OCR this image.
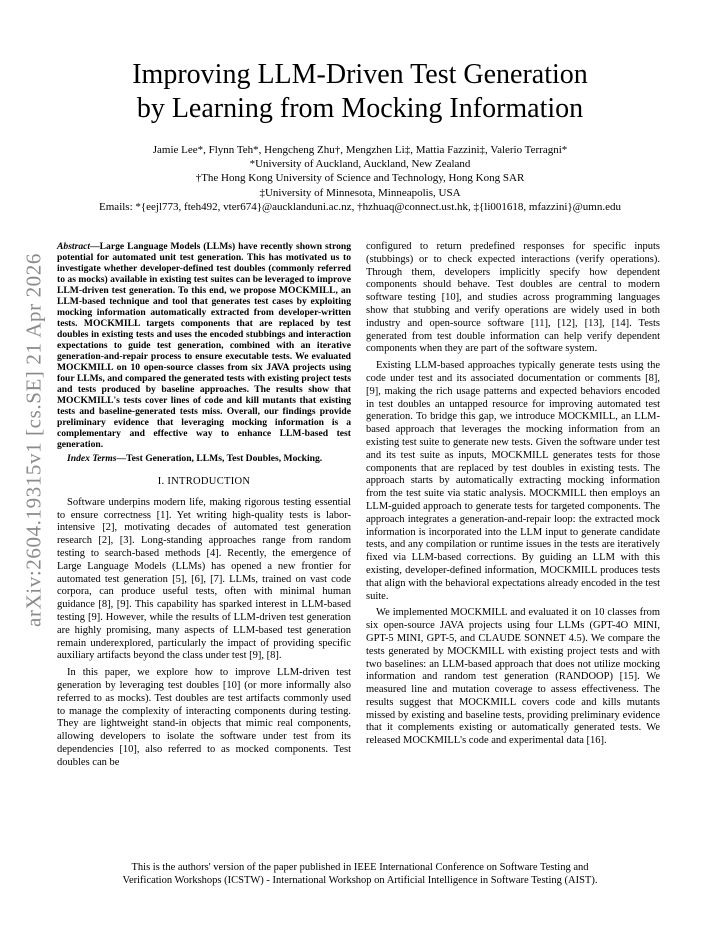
arXiv:2604.19315v1 [cs.SE] 21 Apr 2026
Improving LLM-Driven Test Generation
by Learning from Mocking Information
Jamie Lee*, Flynn Teh*, Hengcheng Zhu†, Mengzhen Li‡, Mattia Fazzini‡, Valerio Terragni*
*University of Auckland, Auckland, New Zealand
†The Hong Kong University of Science and Technology, Hong Kong SAR
‡University of Minnesota, Minneapolis, USA
Emails: *{eejl773, fteh492, vter674}@aucklanduni.ac.nz, †hzhuaq@connect.ust.hk, ‡{li001618, mfazzini}@umn.edu
Abstract—Large Language Models (LLMs) have recently shown strong potential for automated unit test generation. This has motivated us to investigate whether developer-defined test doubles (commonly referred to as mocks) available in existing test suites can be leveraged to improve LLM-driven test generation. To this end, we propose MOCKMILL, an LLM-based technique and tool that generates test cases by exploiting mocking information automatically extracted from developer-written tests. MOCKMILL targets components that are replaced by test doubles in existing tests and uses the encoded stubbings and interaction expectations to guide test generation, combined with an iterative generation-and-repair process to ensure executable tests. We evaluated MOCKMILL on 10 open-source classes from six JAVA projects using four LLMs, and compared the generated tests with existing project tests and tests produced by baseline approaches. The results show that MOCKMILL's tests cover lines of code and kill mutants that existing tests and baseline-generated tests miss. Overall, our findings provide preliminary evidence that leveraging mocking information is a complementary and effective way to enhance LLM-based test generation.
Index Terms—Test Generation, LLMs, Test Doubles, Mocking.
I. INTRODUCTION

Software underpins modern life, making rigorous testing essential to ensure correctness [1]. Yet writing high-quality tests is labor-intensive [2], motivating decades of automated test generation research [2], [3]. Long-standing approaches range from random testing to search-based methods [4]. Recently, the emergence of Large Language Models (LLMs) has opened a new frontier for automated test generation [5], [6], [7]. LLMs, trained on vast code corpora, can produce useful tests, often with minimal human guidance [8], [9]. This capability has sparked interest in LLM-based testing [9]. However, while the results of LLM-driven test generation are highly promising, many aspects of LLM-based test generation remain underexplored, particularly the impact of providing specific auxiliary artifacts beyond the class under test [9], [8].

In this paper, we explore how to improve LLM-driven test generation by leveraging test doubles [10] (or more informally also referred to as mocks). Test doubles are test artifacts commonly used to manage the complexity of interacting components during testing. They are lightweight stand-in objects that mimic real components, allowing developers to isolate the software under test from its dependencies [10], also referred to as mocked components. Test doubles can be

configured to return predefined responses for specific inputs (stubbings) or to check expected interactions (verify operations). Through them, developers implicitly specify how dependent components should behave. Test doubles are central to modern software testing [10], and studies across programming languages show that stubbing and verify operations are widely used in both industry and open-source software [11], [12], [13], [14]. Tests generated from test double information can help verify dependent components when they are part of the software system.

Existing LLM-based approaches typically generate tests using the code under test and its associated documentation or comments [8], [9], making the rich usage patterns and expected behaviors encoded in test doubles an untapped resource for improving automated test generation. To bridge this gap, we introduce MOCKMILL, an LLM-based approach that leverages the mocking information from an existing test suite to generate new tests. Given the software under test and its test suite as inputs, MOCKMILL generates tests for those components that are replaced by test doubles in existing tests. The approach starts by automatically extracting mocking information from the test suite via static analysis. MOCKMILL then employs an LLM-guided approach to generate tests for targeted components. The approach integrates a generation-and-repair loop: the extracted mock information is incorporated into the LLM input to generate candidate tests, and any compilation or runtime issues in the tests are iteratively fixed via LLM-based corrections. By guiding an LLM with this existing, developer-defined information, MOCKMILL produces tests that align with the behavioral expectations already encoded in the test suite.

We implemented MOCKMILL and evaluated it on 10 classes from six open-source JAVA projects using four LLMs (GPT-4O MINI, GPT-5 MINI, GPT-5, and CLAUDE SONNET 4.5). We compare the tests generated by MOCKMILL with existing project tests and with two baselines: an LLM-based approach that does not utilize mocking information and random test generation (RANDOOP) [15]. We measured line and mutation coverage to assess effectiveness. The results suggest that MOCKMILL covers code and kills mutants missed by existing and baseline tests, providing preliminary evidence that it complements existing or automatically generated tests. We released MOCKMILL's code and experimental data [16].

This is the authors' version of the paper published in IEEE International Conference on Software Testing and
Verification Workshops (ICSTW) - International Workshop on Artificial Intelligence in Software Testing (AIST).
